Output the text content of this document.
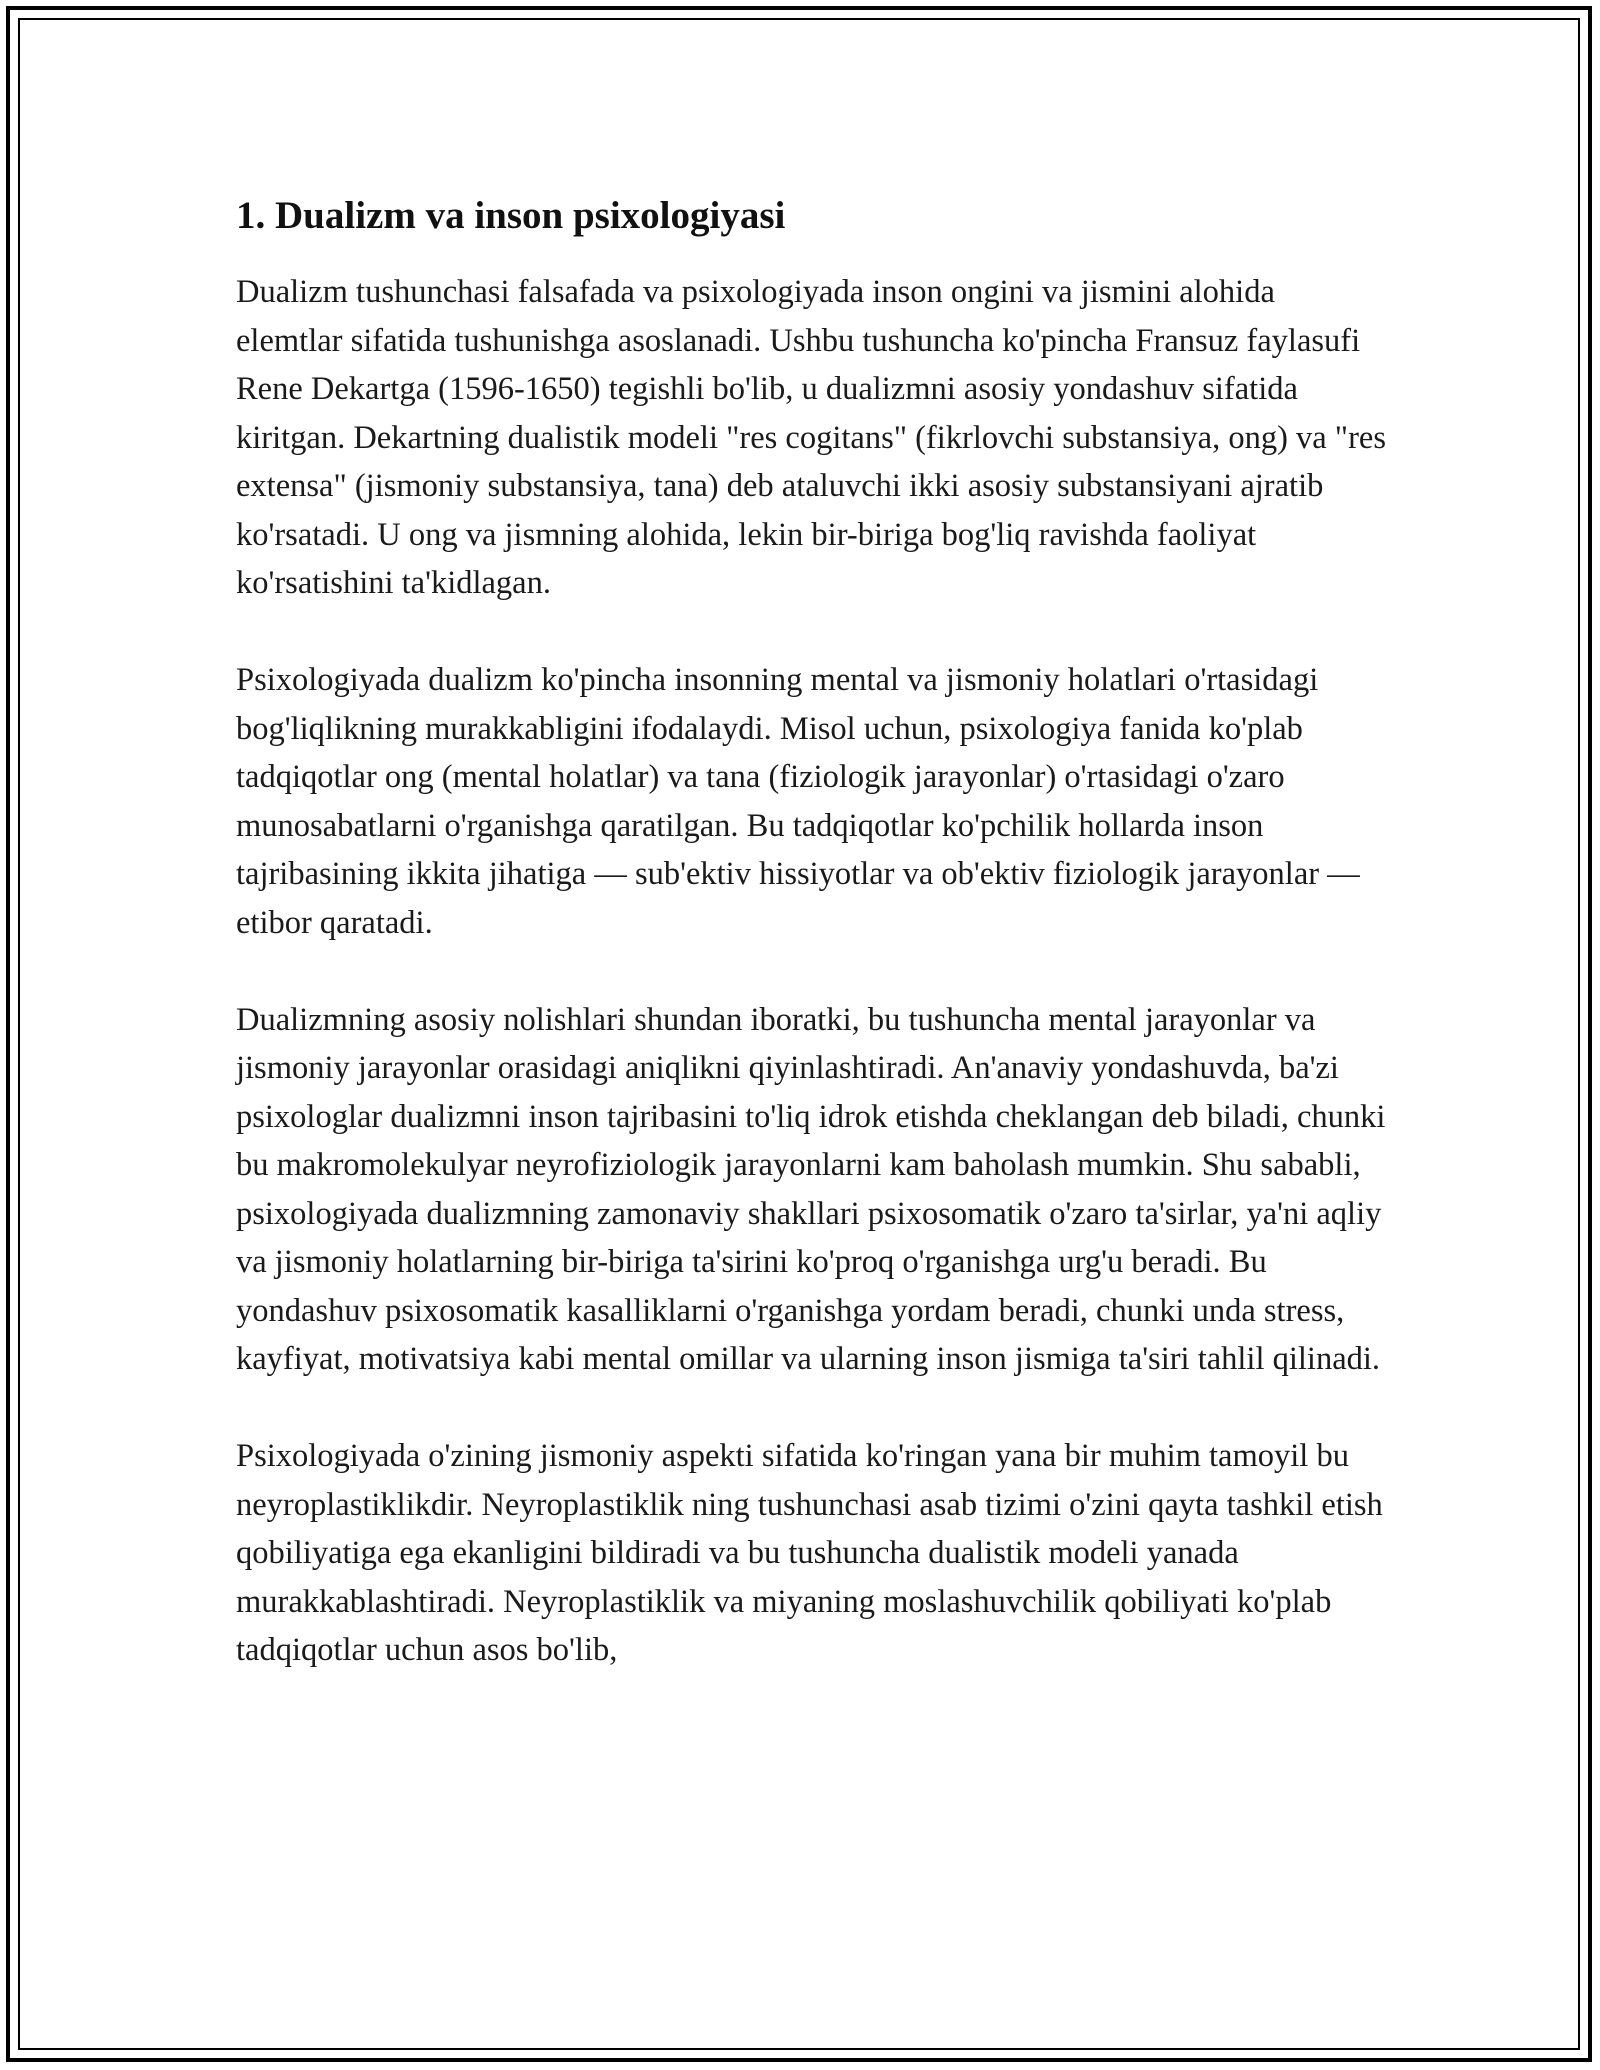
1. Dualizm va inson psixologiyasi

Dualizm tushunchasi falsafada va psixologiyada inson ongini va jismini alohida elemtlar sifatida tushunishga asoslanadi. Ushbu tushuncha ko'pincha Fransuz faylasufi Rene Dekartga (1596-1650) tegishli bo'lib, u dualizmni asosiy yondashuv sifatida kiritgan. Dekartning dualistik modeli "res cogitans" (fikrlovchi substansiya, ong) va "res extensa" (jismoniy substansiya, tana) deb ataluvchi ikki asosiy substansiyani ajratib ko'rsatadi. U ong va jismning alohida, lekin bir-biriga bog'liq ravishda faoliyat ko'rsatishini ta'kidlagan.

Psixologiyada dualizm ko'pincha insonning mental va jismoniy holatlari o'rtasidagi bog'liqlikning murakkabligini ifodalaydi. Misol uchun, psixologiya fanida ko'plab tadqiqotlar ong (mental holatlar) va tana (fiziologik jarayonlar) o'rtasidagi o'zaro munosabatlarni o'rganishga qaratilgan. Bu tadqiqotlar ko'pchilik hollarda inson tajribasining ikkita jihatiga — sub'ektiv hissiyotlar va ob'ektiv fiziologik jarayonlar — etibor qaratadi.

Dualizmning asosiy nolishlari shundan iboratki, bu tushuncha mental jarayonlar va jismoniy jarayonlar orasidagi aniqlikni qiyinlashtiradi. An'anaviy yondashuvda, ba'zi psixologlar dualizmni inson tajribasini to'liq idrok etishda cheklangan deb biladi, chunki bu makromolekulyar neyrofiziologik jarayonlarni kam baholash mumkin. Shu sababli, psixologiyada dualizmning zamonaviy shakllari psixosomatik o'zaro ta'sirlar, ya'ni aqliy va jismoniy holatlarning bir-biriga ta'sirini ko'proq o'rganishga urg'u beradi. Bu yondashuv psixosomatik kasalliklarni o'rganishga yordam beradi, chunki unda stress, kayfiyat, motivatsiya kabi mental omillar va ularning inson jismiga ta'siri tahlil qilinadi.

Psixologiyada o'zining jismoniy aspekti sifatida ko'ringan yana bir muhim tamoyil bu neyroplastiklikdir. Neyroplastiklik ning tushunchasi asab tizimi o'zini qayta tashkil etish qobiliyatiga ega ekanligini bildiradi va bu tushuncha dualistik modeli yanada murakkablashtiradi. Neyroplastiklik va miyaning moslashuvchilik qobiliyati ko'plab tadqiqotlar uchun asos bo'lib,
